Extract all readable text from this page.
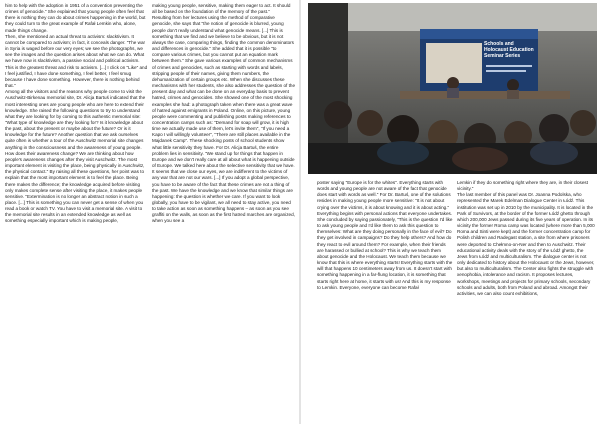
him to help with the adoption in 1951 of a convention preventing the crimes of genocide." She explained that young people often feel that there is nothing they can do about crimes happening in the world, but they could turn to the great example of Rafał Lemkin who, alone, made things change.

Then, she mentioned an actual threat to activism: slacktivism. It cannot be compared to activism; in fact, it conceals danger. "The war in Syria is waged before our very eyes; we see the photographs, we see the images and the question arises about what we can do. What we have now is slacktivism, a passive social and political activism. This is the greatest threat and risk to activism. [...] I click on "Like" and I feel justified, I have done something, I feel better, I feel smug because I have done something. However, there is nothing behind that."

Among all the visitors and the reasons why people come to visit the Auschwitz-Birkenau memorial site, Dr. Alicja Bartuś indicated that the most interesting ones are young people who are here to extend their knowledge. She raised the following questions to try to understand what they are looking for by coming to this authentic memorial site: "What type of knowledge are they looking for? Is it knowledge about the past, about the present or maybe about the future? Or is it knowledge for the future? Another question that we ask ourselves quite often is whether a tour of the Auschwitz memorial site changes anything in the consciousness and the awareness of young people. How does their awareness change? We are thinking about how people's awareness changes after they visit Auschwitz. The most important element is visiting the place, being physically in Auschwitz, the physical contact." By raising all these questions, her point was to explain that the most important element is to feel the place. Being there makes the difference; the knowledge acquired before visiting only makes complete sense after visiting the place, it makes people sensitive. "Extermination is no longer an abstract notion in such a place. [...] This is something you can never get a sense of when you read a book or watch TV. You have to visit a memorial site. A visit to the memorial site results in an extended knowledge as well as something especially important which is making people,

making young people, sensitive, making them eager to act. It should all be based on the foundation of the memory of the past."

Resulting from her lectures using the method of comparative genocide, she says that "the notion of genocide is blurred, young people don't really understand what genocide means. [...] This is something that we find and we believe to be obvious, but it is not always the case, comparing things, finding the common denominators and differences in genocide." She added that it is possible "to compare various crimes, but you cannot put an equation mark between them." She gave various examples of common mechanisms of crimes and genocides, such as starting with words and labels, stripping people of their names, giving them numbers, the dehumanization of certain groups etc. When she discusses these mechanisms with her students, she also addresses the question of the present day and what can be done on an everyday basis to prevent hatred, crimes and genocides. She showed one of the most shocking examples she had: a photograph taken when there was a great wave of hatred against emigrants in Poland. Online, on this picture, young people were commenting and publishing posts making references to concentration camps such as: "Demand for soap will grow, it is high time we actually made use of them, let's invite them", "If you need a Kapo I will willingly volunteer", "There are still places available in the Majdanek Camp". These shocking posts of school students show what little sensitivity they have. For Dr. Alicja Bartuś, the entire problem lies in sensitivity. "We stand up for things that happen in Europe and we don't really care at all about what is happening outside of Europe. We talked here about the selective sensitivity that we have. It seems that we close our eyes, we are indifferent to the victims of any war that are not our wars. [...] If you adopt a global perspective, you have to be aware of the fact that these crimes are not a thing of the past. We have the knowledge and we know that similar things are happening: the question is whether we care. If you want to look globally, you have to be vigilant, we all need to stay active, you need to take action as soon as something happens – as soon as you see graffiti on the walls, as soon as the first hatred marches are organized, when you see a

Schools and Holocaust Education Seminar Series

poster saying "Europe is for the whites". Everything starts with words and young people are not aware of the fact that genocide does start with words as well." For Dr. Bartuś, one of the solutions resides in making young people more sensitive: "It is not about crying over the victims, it is about knowing and it is about acting." Everything begins with personal actions that everyone undertakes. She concluded by saying passionately, "This is the question I'd like to ask young people and I'd like them to ask this question to themselves: What are they doing personally in the face of evil? Do they get involved in campaigns? Do they help others? And how do they react to evil around them? For example, when their friends are harassed or bullied at school? This is why we teach them about genocide and the Holocaust. We teach them because we know that this is where everything starts! Everything starts with the will that happens 10 centimeters away from us. It doesn't start with something happening in a far-flung location, it is something that starts right here at home, it starts with us! And this is my response to Lemkin. Everyone, everyone can become Rafał

Lemkin if they do something right where they are, in their closest vicinity."

The last member of this panel was Dr. Joanna Podolska, who represented the Marek Edelman Dialogue Center in Łódź. This institution was set up in 2010 by the municipality. It is located in the Park of Survivors, at the border of the former Łódź ghetto through which 200,000 Jews passed during its five years of operation. In its vicinity the former Roma camp was located (where more than 5,000 Roma and Sinti were kept) and the former concentration camp for Polish children and Radegast station, a site from where prisoners were deported to Chełmno-on-Ner and then to Auschwitz. Their educational activity deals with the story of the Łódź ghetto, the Jews from Łódź and multiculturalism. The dialogue center is not only dedicated to history about the Holocaust or the Jews, however, but also to multiculturalism. The Center also fights the struggle with xenophobia, intolerance and racism. It proposes lectures, workshops, meetings and projects for primary schools, secondary schools and adults, both from Poland and abroad. Amongst their activities, we can also count exhibitions,
